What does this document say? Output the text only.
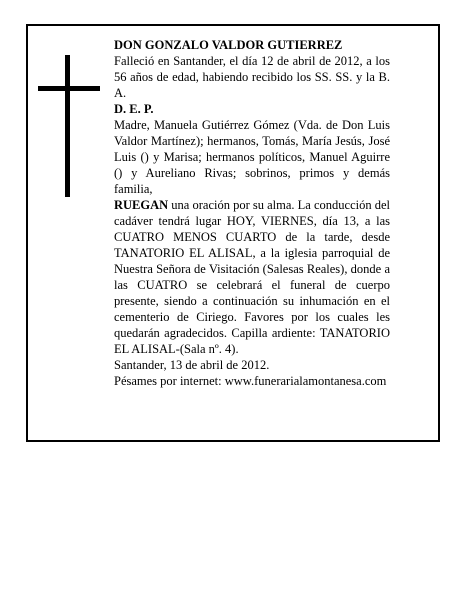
DON GONZALO VALDOR GUTIERREZ

Falleció en Santander, el día 12 de abril de 2012, a los 56 años de edad, habiendo recibido los SS. SS. y la B. A.

D. E. P.

Madre, Manuela Gutiérrez Gómez (Vda. de Don Luis Valdor Martínez); hermanos, Tomás, María Jesús, José Luis () y Marisa; hermanos políticos, Manuel Aguirre () y Aureliano Rivas; sobrinos, primos y demás familia,

RUEGAN una oración por su alma. La conducción del cadáver tendrá lugar HOY, VIERNES, día 13, a las CUATRO MENOS CUARTO de la tarde, desde TANATORIO EL ALISAL, a la iglesia parroquial de Nuestra Señora de Visitación (Salesas Reales), donde a las CUATRO se celebrará el funeral de cuerpo presente, siendo a continuación su inhumación en el cementerio de Ciriego. Favores por los cuales les quedarán agradecidos. Capilla ardiente: TANATORIO EL ALISAL-(Sala nº. 4).

Santander, 13 de abril de 2012.

Pésames por internet: www.funerarialamontanesa.com
